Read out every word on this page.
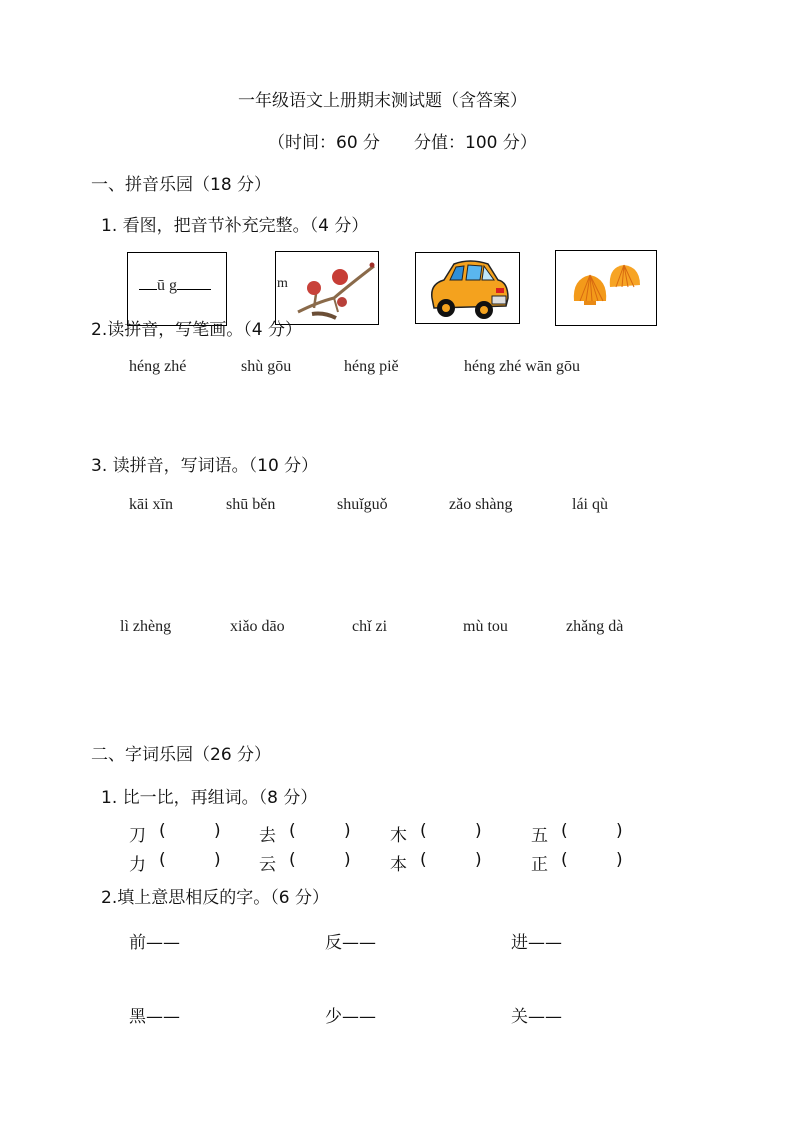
一年级语文上册期末测试题（含答案）
（时间：60 分　　分值：100 分）
一、拼音乐园（18 分）
1. 看图，把音节补充完整。（4 分）
ū g	m
2.读拼音，写笔画。（4 分）
héng zhé	shù gōu	héng piě	héng zhé wān gōu
3. 读拼音，写词语。（10 分）
kāi xīn	shū běn	shuǐguǒ	zǎo shàng	lái qù
lì zhèng	xiǎo dāo	chǐ zi	mù tou	zhǎng dà
二、字词乐园（26 分）
1. 比一比，再组词。（8 分）
刀 (	) 去 (	) 木 (	)	五 (	)
力 (	) 云 (	) 本 (	)	正 (	)
2.填上意思相反的字。（6 分）
前——	反——	进——
黑——	少——	关——
